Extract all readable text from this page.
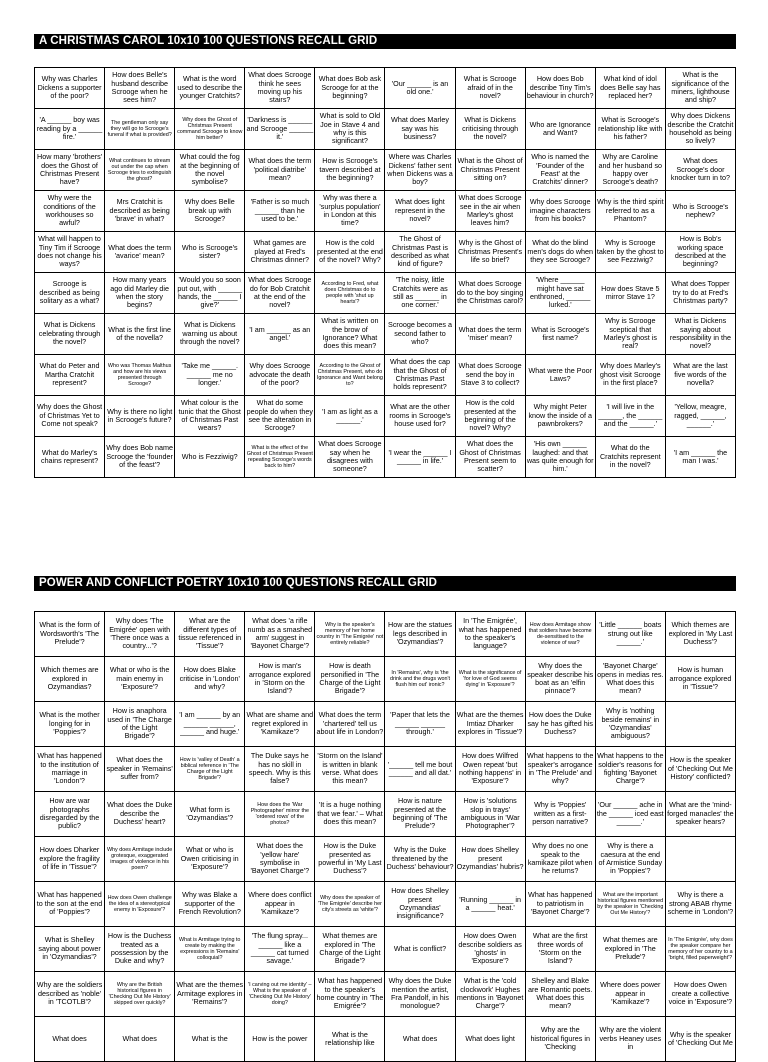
A CHRISTMAS CAROL 10x10 100 QUESTIONS RECALL GRID
Why was Charles Dickens a supporter of the poor?	How does Belle's husband describe Scrooge when he sees him?	What is the word used to describe the younger Cratchits?	What does Scrooge think he sees moving up his stairs?	What does Bob ask Scrooge for at the beginning?	'Our ______ is an old one.'	What is Scrooge afraid of in the novel?	How does Bob describe Tiny Tim's behaviour in church?	What kind of idol does Belle say has replaced her?	What is the significance of the miners, lighthouse and ship?
'A ______ boy was reading by a ______ fire.'	The gentleman only say they will go to Scrooge's funeral if what is provided?	Why does the Ghost of Christmas Present command Scrooge to know him better?	'Darkness is ______ and Scrooge ______ it.'	What is sold to Old Joe in Stave 4 and why is this significant?	What does Marley say was his business?	What is Dickens criticising through the novel?	Who are Ignorance and Want?	What is Scrooge's relationship like with his father?	Why does Dickens describe the Cratchit household as being so lively?
How many 'brothers' does the Ghost of Christmas Present have?	What continues to stream out under the cap when Scrooge tries to extinguish the ghost?	What could the fog at the beginning of the novel symbolise?	What does the term 'political diatribe' mean?	How is Scrooge's tavern described at the beginning?	Where was Charles Dickens' father sent when Dickens was a boy?	What is the Ghost of Christmas Present sitting on?	Who is named the 'Founder of the Feast' at the Cratchits' dinner?	Why are Caroline and her husband so happy over Scrooge's death?	What does Scrooge's door knocker turn in to?
Why were the conditions of the workhouses so awful?	Mrs Cratchit is described as being 'brave' in what?	Why does Belle break up with Scrooge?	'Father is so much ______ than he used to be.'	Why was there a 'surplus population' in London at this time?	What does light represent in the novel?	What does Scrooge see in the air when Marley's ghost leaves him?	Why does Scrooge imagine characters from his books?	Why is the third spirit referred to as a Phantom?	Who is Scrooge's nephew?
What will happen to Tiny Tim if Scrooge does not change his ways?	What does the term 'avarice' mean?	Who is Scrooge's sister?	What games are played at Fred's Christmas dinner?	How is the cold presented at the end of the novel? Why?	The Ghost of Christmas Past is described as what kind of figure?	Why is the Ghost of Christmas Present's life so brief?	What do the blind men's dogs do when they see Scrooge?	Why is Scrooge taken by the ghost to see Fezziwig?	How is Bob's working space described at the beginning?
Scrooge is described as being solitary as a what?	How many years ago did Marley die when the story begins?	'Would you so soon put out, with ______ hands, the ______ I give?'	What does Scrooge do for Bob Cratchit at the end of the novel?	According to Fred, what does Christmas do to people with 'shut up hearts'?	'The noisy, little Cratchits were as still as ______ in one corner.'	What does Scrooge do to the boy singing the Christmas carol?	'Where ______ might have sat enthroned, ______ lurked.'	How does Stave 5 mirror Stave 1?	What does Topper try to do at Fred's Christmas party?
What is Dickens celebrating through the novel?	What is the first line of the novella?	What is Dickens warning us about through the novel?	'I am ______ as an angel.'	What is written on the brow of Ignorance? What does this mean?	Scrooge becomes a second father to who?	What does the term 'miser' mean?	What is Scrooge's first name?	Why is Scrooge sceptical that Marley's ghost is real?	What is Dickens saying about responsibility in the novel?
What do Peter and Martha Cratchit represent?	Who was Thomas Malthus and how are his views presented through Scrooge?	'Take me ______. ______ me no longer.'	Why does Scrooge advocate the death of the poor?	According to the Ghost of Christmas Present, who do Ignorance and Want belong to?	What does the cap that the Ghost of Christmas Past holds represent?	What does Scrooge send the boy in Stave 3 to collect?	What were the Poor Laws?	Why does Marley's ghost visit Scrooge in the first place?	What are the last five words of the novella?
Why does the Ghost of Christmas Yet to Come not speak?	Why is there no light in Scrooge's future?	What colour is the tunic that the Ghost of Christmas Past wears?	What do some people do when they see the alteration in Scrooge?	'I am as light as a ______.'	What are the other rooms in Scrooge's house used for?	How is the cold presented at the beginning of the novel? Why?	Why might Peter know the inside of a pawnbrokers?	'I will live in the ______, the ______ and the ______.'	'Yellow, meagre, ragged, ______, ______.'
What do Marley's chains represent?	Why does Bob name Scrooge the 'founder of the feast'?	Who is Fezziwig?	What is the effect of the Ghost of Christmas Present repeating Scrooge's words back to him?	What does Scrooge say when he disagrees with someone?	'I wear the ______ I ______ in life.'	What does the Ghost of Christmas Present seem to scatter?	'His own ______ laughed: and that was quite enough for him.'	What do the Cratchits represent in the novel?	'I am ______ the man I was.'
POWER AND CONFLICT POETRY 10x10 100 QUESTIONS RECALL GRID
What is the form of Wordsworth's 'The Prelude'?	Why does 'The Emigrée' open with 'There once was a country...'?	What are the different types of tissue referenced in 'Tissue'?	What does 'a rifle numb as a smashed arm' suggest in 'Bayonet Charge'?	Why is the speaker's memory of her home country in 'The Emigrée' not entirely reliable?	How are the statues legs described in 'Ozymandias'?	In 'The Emigrée', what has happened to the speaker's language?	How does Armitage show that soldiers have become de-sensitised to the violence of war?	'Little ______ boats strung out like ______.'	Which themes are explored in 'My Last Duchess'?
Which themes are explored in Ozymandias?	What or who is the main enemy in 'Exposure'?	How does Blake criticise in 'London' and why?	How is man's arrogance explored in 'Storm on the Island'?	How is death personified in 'The Charge of the Light Brigade'?	In 'Remains', why is 'the drink and the drugs won't flush him out' ironic?	What is the significance of 'for love of God seems dying' in 'Exposure'?	Why does the speaker describe his boat as an 'elfin pinnace'?	'Bayonet Charge' opens in medias res. What does this mean?	How is human arrogance explored in 'Tissue'?
What is the mother longing for in 'Poppies'?	How is anaphora used in 'The Charge of the Light Brigade'?	'I am ______ by an ______ ______, ______ and huge.'	What are shame and regret explored in 'Kamikaze'?	What does the term 'chartered' tell us about life in London?	'Paper that lets the ______ ______ through.'	What are the themes Imtiaz Dharker explores in 'Tissue'?	How does the Duke say he has gifted his Duchess?	Why is 'nothing beside remains' in 'Ozymandias' ambiguous?	
What has happened to the institution of marriage in 'London'?	What does the speaker in 'Remains' suffer from?	How is 'valley of Death' a biblical reference in 'The Charge of the Light Brigade'?	The Duke says he has no skill in speech. Why is this false?	'Storm on the Island' is written in blank verse. What does this mean?	'______ tell me bout ______ and all dat.'	How does Wilfred Owen repeat 'but nothing happens' in 'Exposure'?	What happens to the speaker's arrogance in 'The Prelude' and why?	What happens to the soldier's reasons for fighting 'Bayonet Charge'?	How is the speaker of 'Checking Out Me History' conflicted?
How are war photographs disregarded by the public?	What does the Duke describe the Duchess' heart?	What form is 'Ozymandias'?	How does the 'War Photographer' mirror the 'ordered rows' of the photos?	'It is a huge nothing that we fear.' – What does this mean?	How is nature presented at the beginning of 'The Prelude'?	How is 'solutions slop in trays' ambiguous in 'War Photographer'?	Why is 'Poppies' written as a first-person narrative?	'Our ______ ache in the ______ iced east ______.'	What are the 'mind-forged manacles' the speaker hears?
How does Dharker explore the fragility of life in 'Tissue'?	Why does Armitage include grotesque, exaggerated images of violence in his poem?	What or who is Owen criticising in 'Exposure'?	What does the 'yellow hare' symbolise in 'Bayonet Charge'?	How is the Duke presented as powerful in 'My Last Duchess'?	Why is the Duke threatened by the Duchess' behaviour?	How does Shelley present Ozymandias' hubris?	Why does no one speak to the kamikaze pilot when he returns?	Why is there a caesura at the end of Armistice Sunday in 'Poppies'?	
What has happened to the son at the end of 'Poppies'?	How does Owen challenge the idea of a stereotypical enemy in 'Exposure'?	Why was Blake a supporter of the French Revolution?	Where does conflict appear in 'Kamikaze'?	Why does the speaker of 'The Emigrée' describe her city's streets as 'white'?	How does Shelley present Ozymandias' insignificance?	'Running ______ in a ______ heat.'	What has happened to patriotism in 'Bayonet Charge'?	What are the important historical figures mentioned by the speaker in 'Checking Out Me History'?	Why is there a strong ABAB rhyme scheme in 'London'?
What is Shelley saying about power in 'Ozymandias'?	How is the Duchess treated as a possession by the Duke and why?	What is Armitage trying to create by making the expressions in 'Remains' colloquial?	'The flung spray... ______ like a ______ cat turned savage.'	What themes are explored in 'The Charge of the Light Brigade'?	What is conflict?	How does Owen describe soldiers as 'ghosts' in 'Exposure'?	What are the first three words of 'Storm on the Island'?	What themes are explored in 'The Prelude'?	In 'The Emigrée', why does the speaker compare her memory of her country to a 'bright, filled paperweight'?
Why are the soldiers described as 'noble' in 'TCOTLB'?	Why are the British historical figures in 'Checking Out Me History' skipped over quickly?	What are the themes Armitage explores in 'Remains'?	'I carving out me identity' – What is the speaker of 'Checking Out Me History' doing?	What has happened to the speaker's home country in 'The Emigrée'?	Why does the Duke mention the artist, Fra Pandolf, in his monologue?	What is the 'cold clockwork' Hughes mentions in 'Bayonet Charge'?	Shelley and Blake are Romantic poets. What does this mean?	Where does power appear in 'Kamikaze'?	How does Owen create a collective voice in 'Exposure'?
What does	What does	What is the	How is the power	What is the relationship like	What does	What does light	Why are the historical figures in 'Checking	Why are the violent verbs Heaney uses in	Why is the speaker of 'Checking Out Me
